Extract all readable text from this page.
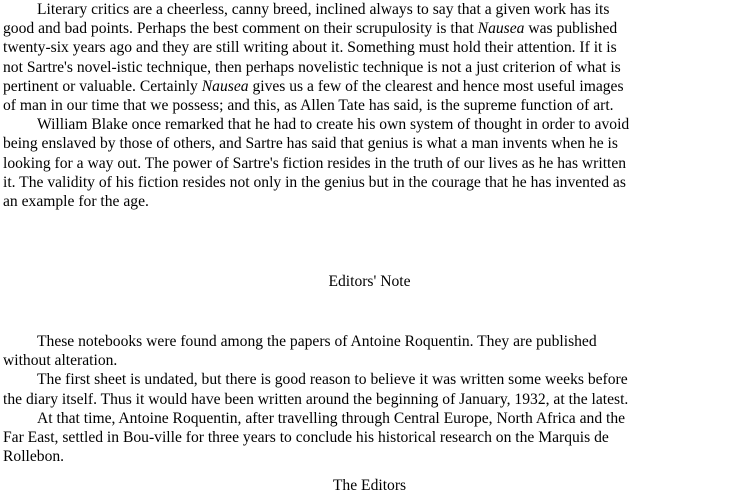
Literary critics are a cheerless, canny breed, inclined always to say that a given work has its
good and bad points. Perhaps the best comment on their scrupulosity is that Nausea was published
twenty-six years ago and they are still writing about it. Something must hold their attention. If it is
not Sartre's novel-istic technique, then perhaps novelistic technique is not a just criterion of what is
pertinent or valuable. Certainly Nausea gives us a few of the clearest and hence most useful images
of man in our time that we possess; and this, as Allen Tate has said, is the supreme function of art.
William Blake once remarked that he had to create his own system of thought in order to avoid
being enslaved by those of others, and Sartre has said that genius is what a man invents when he is
looking for a way out. The power of Sartre's fiction resides in the truth of our lives as he has written
it. The validity of his fiction resides not only in the genius but in the courage that he has invented as
an example for the age.
Editors' Note
These notebooks were found among the papers of Antoine Roquentin. They are published
without alteration.
The first sheet is undated, but there is good reason to believe it was written some weeks before
the diary itself. Thus it would have been written around the beginning of January, 1932, at the latest.
At that time, Antoine Roquentin, after travelling through Central Europe, North Africa and the
Far East, settled in Bou-ville for three years to conclude his historical research on the Marquis de
Rollebon.
The Editors
